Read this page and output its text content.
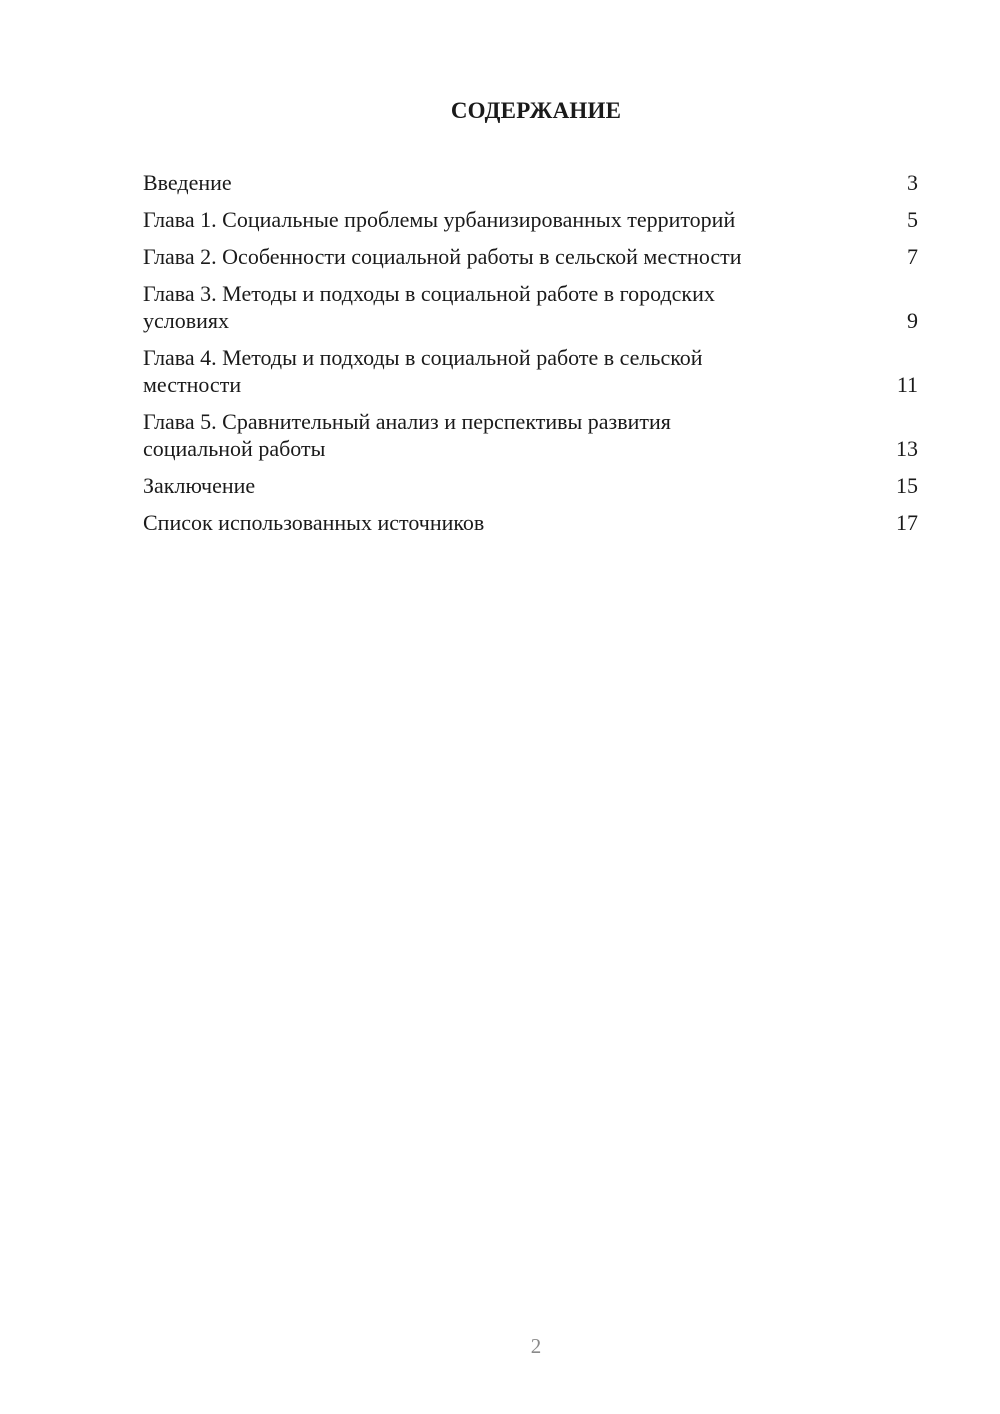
СОДЕРЖАНИЕ
Введение	3
Глава 1. Социальные проблемы урбанизированных территорий	5
Глава 2. Особенности социальной работы в сельской местности	7
Глава 3. Методы и подходы в социальной работе в городских
условиях	9
Глава 4. Методы и подходы в социальной работе в сельской
местности	11
Глава 5. Сравнительный анализ и перспективы развития
социальной работы	13
Заключение	15
Список использованных источников	17
2
